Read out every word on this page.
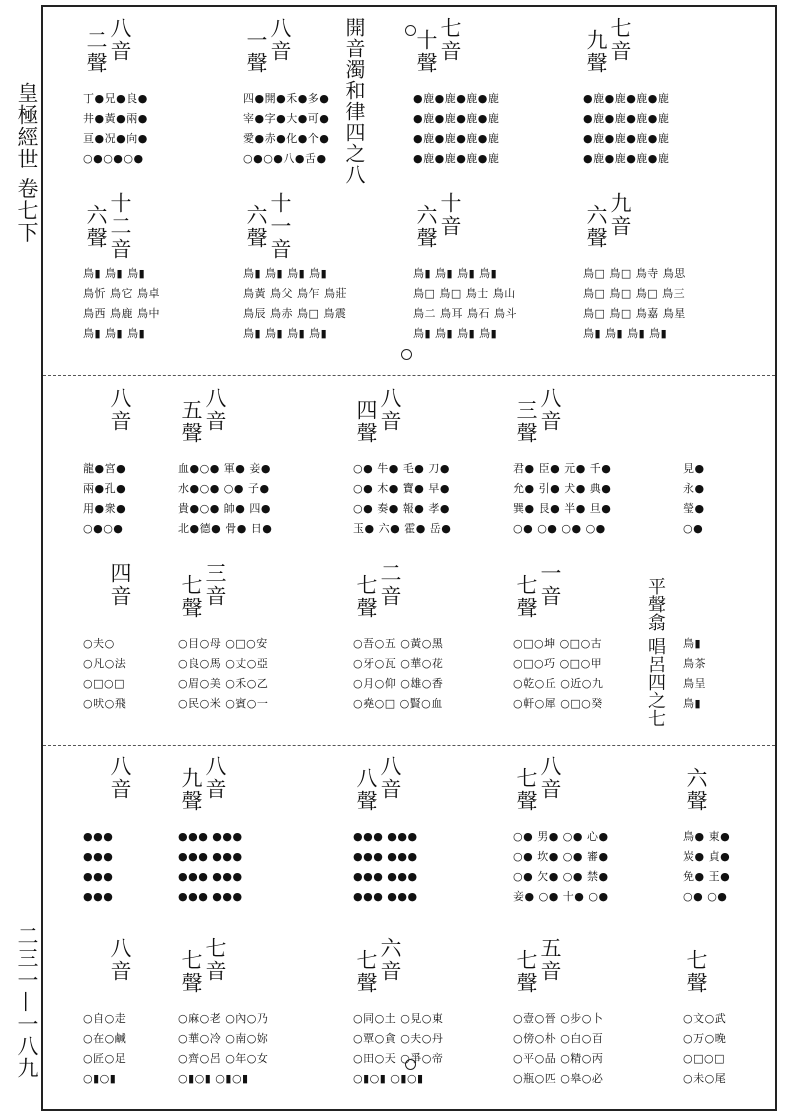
皇極經世 卷七下
二三一—一八九
開音濁和律四之八
平聲翕 唱呂四之七
八音
二聲
丁●兄●良●
井●黃●兩●
亘●况●向●
○●○●○●
八音
一聲
四●開●禾●多●
宰●字●大●可●
愛●赤●化●个●
○●○●八●舌●
七音
十聲
●鹿●鹿●鹿●鹿
●鹿●鹿●鹿●鹿
●鹿●鹿●鹿●鹿
●鹿●鹿●鹿●鹿
七音
九聲
●鹿●鹿●鹿●鹿
●鹿●鹿●鹿●鹿
●鹿●鹿●鹿●鹿
●鹿●鹿●鹿●鹿
十二音
六聲
鳥▮ 鳥▮ 鳥▮
鳥忻 鳥它 鳥卓
鳥西 鳥鹿 鳥中
鳥▮ 鳥▮ 鳥▮
十一音
六聲
鳥▮ 鳥▮ 鳥▮ 鳥▮
鳥黃 鳥父 鳥乍 鳥莊
鳥辰 鳥赤 鳥□ 鳥震
鳥▮ 鳥▮ 鳥▮ 鳥▮
十音
六聲
鳥▮ 鳥▮ 鳥▮ 鳥▮
鳥□ 鳥□ 鳥士 鳥山
鳥二 鳥耳 鳥石 鳥斗
鳥▮ 鳥▮ 鳥▮ 鳥▮
九音
六聲
鳥□ 鳥□ 鳥寺 鳥思
鳥□ 鳥□ 鳥□ 鳥三
鳥□ 鳥□ 鳥嘉 鳥星
鳥▮ 鳥▮ 鳥▮ 鳥▮
八音
龍●宮●
兩●孔●
用●衆●
○●○●
八音
五聲
血●○● 軍● 妾●
水●○● ○● 子●
貴●○● 帥● 四●
北●德● 骨● 日●
八音
四聲
○● 牛● 毛● 刀●
○● 木● 寶● 早●
○● 奏● 報● 孝●
玉● 六● 霍● 岳●
八音
三聲
君● 臣● 元● 千●
允● 引● 犬● 典●
巽● 艮● 半● 旦●
○● ○● ○● ○●
見●
永●
瑩●
○●
四音
○夫○
○凡○法
○□○□
○吠○飛
三音
七聲
○目○母 ○□○安
○良○馬 ○丈○亞
○眉○美 ○禾○乙
○民○米 ○賓○一
二音
七聲
○吾○五 ○黃○黑
○牙○瓦 ○華○花
○月○仰 ○雄○香
○堯○□ ○賢○血
一音
七聲
○□○坤 ○□○古
○□○巧 ○□○甲
○乾○丘 ○近○九
○軒○犀 ○□○癸
鳥▮
鳥茶
鳥呈
鳥▮
八音
●●●
●●●
●●●
●●●
八音
九聲
●●● ●●●
●●● ●●●
●●● ●●●
●●● ●●●
八音
八聲
●●● ●●●
●●● ●●●
●●● ●●●
●●● ●●●
八音
七聲
○● 男● ○● 心●
○● 坎● ○● 審●
○● 欠● ○● 禁●
妾● ○● 十● ○●
六聲
鳥● 東●
炭● 貞●
免● 王●
○● ○●
八音
○自○走
○在○鹹
○匠○足
○▮○▮
七音
七聲
○麻○老 ○內○乃
○華○冷 ○南○妳
○齊○呂 ○年○女
○▮○▮ ○▮○▮
六音
七聲
○同○土 ○見○東
○覃○貪 ○夫○丹
○田○天 ○爭○帝
○▮○▮ ○▮○▮
五音
七聲
○壹○晉 ○步○卜
○傍○朴 ○白○百
○平○品 ○精○丙
○瓶○匹 ○皋○必
七聲
○文○武
○万○晚
○□○□
○未○尾
